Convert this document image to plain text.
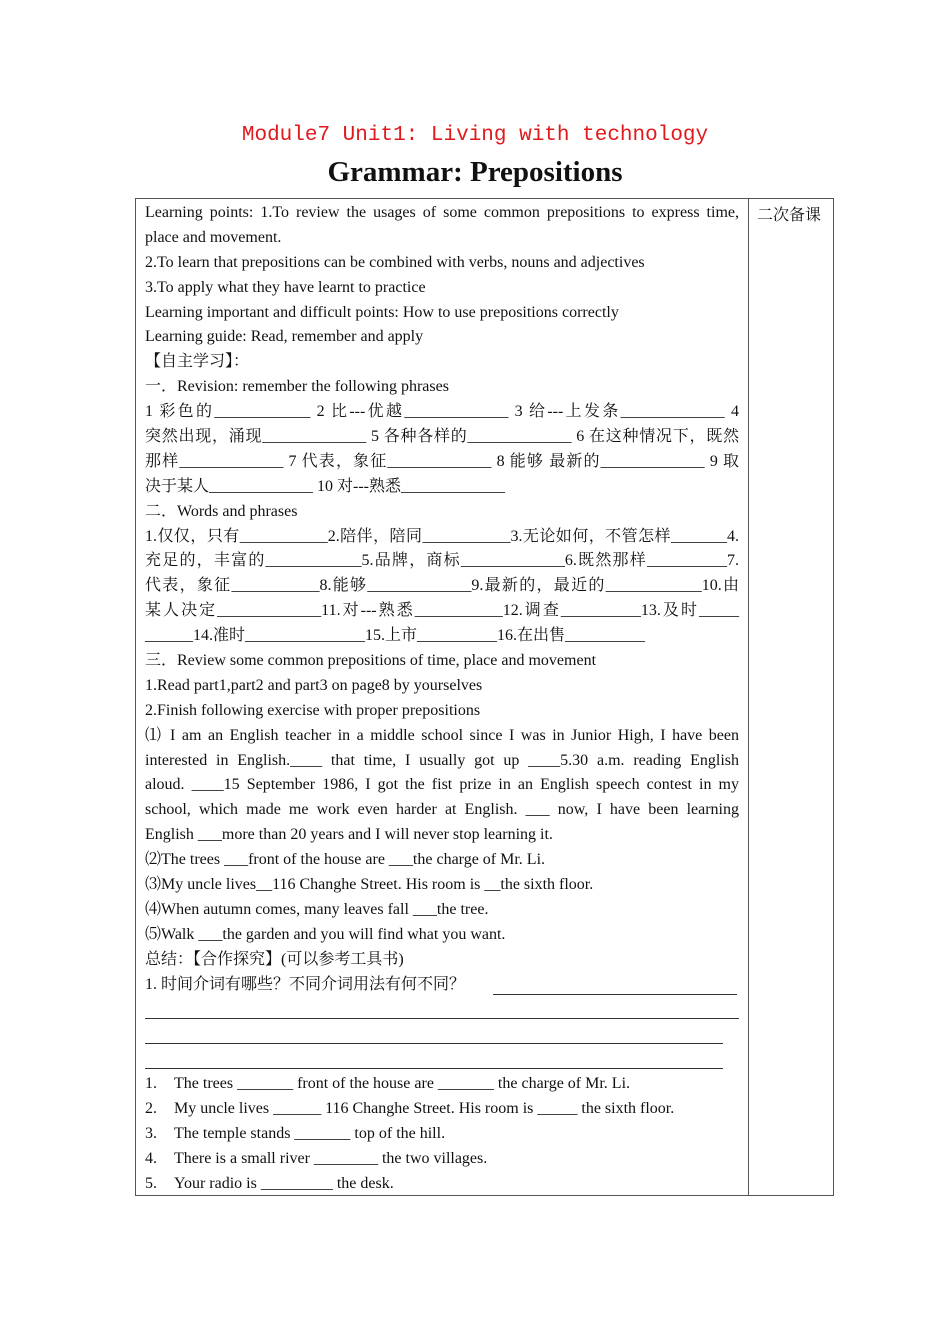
Module7 Unit1: Living with technology
Grammar: Prepositions
二次备课
Learning points: 1.To review the usages of some common prepositions to express time,
place and movement.
2.To learn that prepositions can be combined with verbs, nouns and adjectives
3.To apply what they have learnt to practice
Learning important and difficult points: How to use prepositions correctly
Learning guide: Read, remember and apply
【自主学习】：
一．Revision: remember the following phrases
1 彩色的____________ 2 比---优越_____________ 3 给---上发条_____________ 4
突然出现，涌现_____________ 5 各种各样的_____________ 6 在这种情况下，既然
那样_____________ 7 代表，象征_____________ 8 能够 最新的_____________ 9 取
决于某人_____________ 10 对---熟悉_____________
二．Words and phrases
1.仅仅，只有___________2.陪伴，陪同___________3.无论如何，不管怎样_______4.
充足的，丰富的____________5.品牌，商标_____________6.既然那样__________7.
代表，象征___________8.能够_____________9.最新的，最近的____________10.由
某人决定_____________11.对---熟悉___________12.调查__________13.及时_____
______14.准时_______________15.上市__________16.在出售__________
三．Review some common prepositions of time, place and movement
1.Read part1,part2 and part3 on page8 by yourselves
2.Finish following exercise with proper prepositions
⑴ I am an English teacher in a middle school since I was in Junior High, I have been
interested in English.____ that time, I usually got up ____5.30 a.m. reading English
aloud. ____15 September 1986, I got the fist prize in an English speech contest in my
school, which made me work even harder at English. ___ now, I have been learning
English ___more than 20 years and I will never stop learning it.
⑵The trees ___front of the house are ___the charge of Mr. Li.
⑶My uncle lives__116 Changhe Street. His room is __the sixth floor.
⑷When autumn comes, many leaves fall ___the tree.
⑸Walk ___the garden and you will find what you want.
总结：【合作探究】(可以参考工具书)
1. 时间介词有哪些？不同介词用法有何不同？
1. The trees _______ front of the house are _______ the charge of Mr. Li.
2. My uncle lives ______ 116 Changhe Street. His room is _____ the sixth floor.
3. The temple stands _______ top of the hill.
4. There is a small river ________ the two villages.
5. Your radio is _________ the desk.
